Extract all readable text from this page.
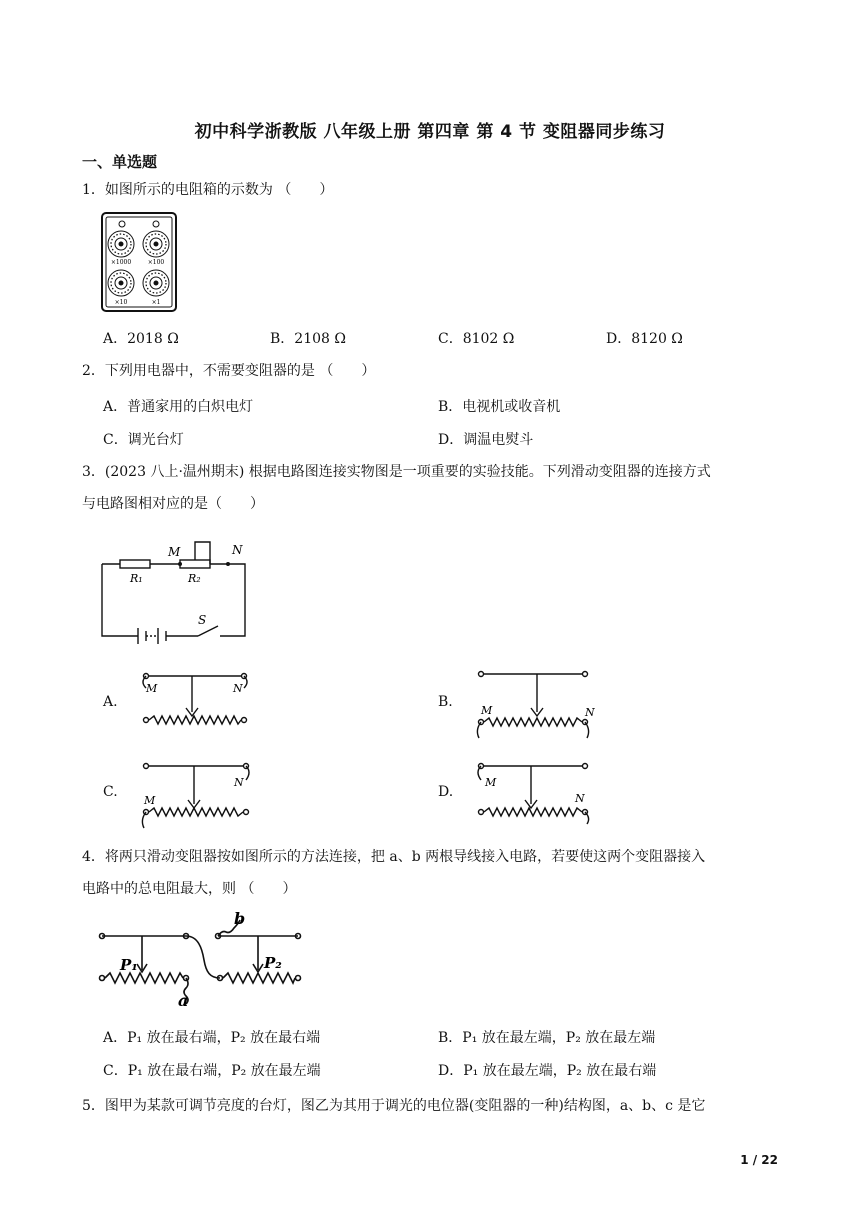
初中科学浙教版 八年级上册 第四章 第 4 节 变阻器同步练习
一、单选题
1．如图所示的电阻箱的示数为 （　　）
×1000	×100
×10	×1
A．2018 Ω	B．2108 Ω	C．8102 Ω	D．8120 Ω
2．下列用电器中，不需要变阻器的是 （　　）
A．普通家用的白炽电灯	B．电视机或收音机
C．调光台灯	D．调温电熨斗
3．(2023 八上·温州期末) 根据电路图连接实物图是一项重要的实验技能。下列滑动变阻器的连接方式
与电路图相对应的是（　　）
R₁	R₂
M	N
S
A.
M	N
B.
M	N
C.
M
N
D.
M
N
4．将两只滑动变阻器按如图所示的方法连接，把 a、b 两根导线接入电路，若要使这两个变阻器接入
电路中的总电阻最大，则 （　　）
P₁	P₂
a
b
A．P₁ 放在最右端，P₂ 放在最右端	B．P₁ 放在最左端，P₂ 放在最左端
C．P₁ 放在最右端，P₂ 放在最左端	D．P₁ 放在最左端，P₂ 放在最右端
5．图甲为某款可调节亮度的台灯，图乙为其用于调光的电位器(变阻器的一种)结构图，a、b、c 是它
1 / 22
